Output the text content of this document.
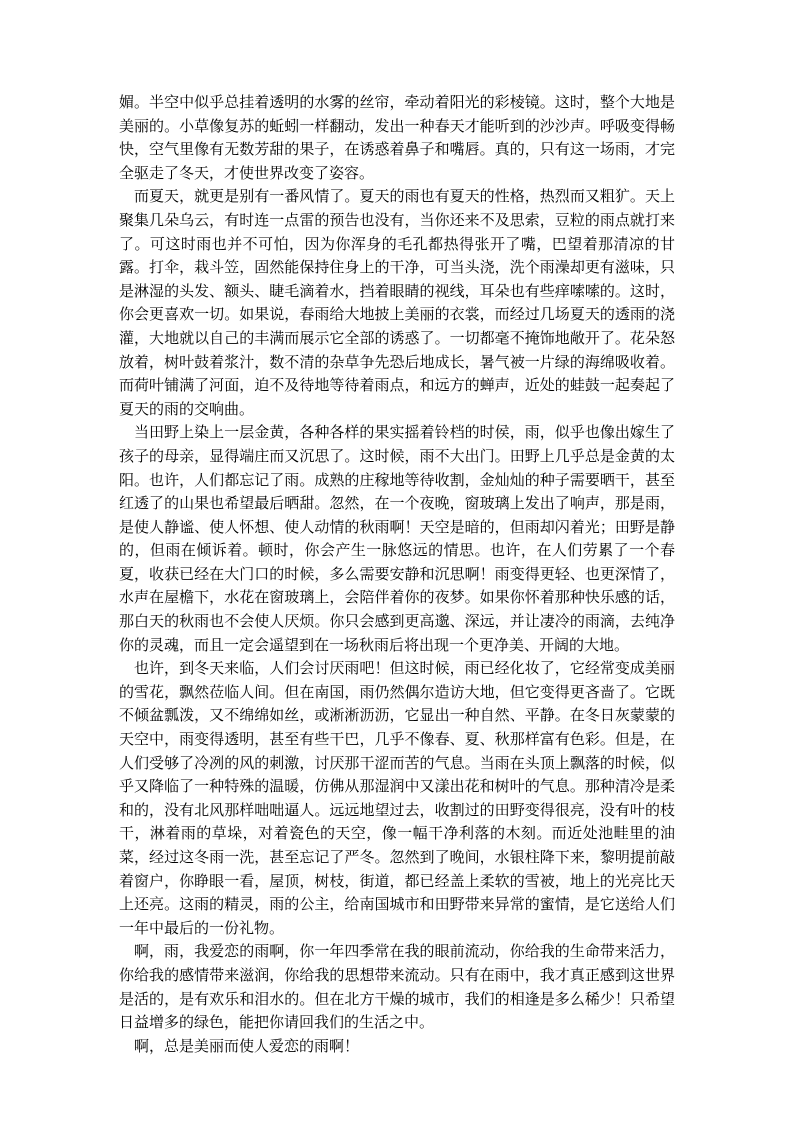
媚。半空中似乎总挂着透明的水雾的丝帘，牵动着阳光的彩棱镜。这时，整个大地是美丽的。小草像复苏的蚯蚓一样翻动，发出一种春天才能听到的沙沙声。呼吸变得畅快，空气里像有无数芳甜的果子，在诱惑着鼻子和嘴唇。真的，只有这一场雨，才完全驱走了冬天，才使世界改变了姿容。

而夏天，就更是别有一番风情了。夏天的雨也有夏天的性格，热烈而又粗犷。天上聚集几朵乌云，有时连一点雷的预告也没有，当你还来不及思索，豆粒的雨点就打来了。可这时雨也并不可怕，因为你浑身的毛孔都热得张开了嘴，巴望着那清凉的甘露。打伞，栽斗笠，固然能保持住身上的干净，可当头浇，洗个雨澡却更有滋味，只是淋湿的头发、额头、睫毛滴着水，挡着眼睛的视线，耳朵也有些痒嗦嗦的。这时，你会更喜欢一切。如果说，春雨给大地披上美丽的衣裳，而经过几场夏天的透雨的浇灌，大地就以自己的丰满而展示它全部的诱惑了。一切都毫不掩饰地敞开了。花朵怒放着，树叶鼓着浆汁，数不清的杂草争先恐后地成长，暑气被一片绿的海绵吸收着。而荷叶铺满了河面，迫不及待地等待着雨点，和远方的蝉声，近处的蛙鼓一起奏起了夏天的雨的交响曲。

当田野上染上一层金黄，各种各样的果实摇着铃档的时侯，雨，似乎也像出嫁生了孩子的母亲，显得端庄而又沉思了。这时候，雨不大出门。田野上几乎总是金黄的太阳。也许，人们都忘记了雨。成熟的庄稼地等待收割，金灿灿的种子需要晒干，甚至红透了的山果也希望最后晒甜。忽然，在一个夜晚，窗玻璃上发出了响声，那是雨，是使人静谧、使人怀想、使人动情的秋雨啊！天空是暗的，但雨却闪着光；田野是静的，但雨在倾诉着。顿时，你会产生一脉悠远的情思。也许，在人们劳累了一个春夏，收获已经在大门口的时候，多么需要安静和沉思啊！雨变得更轻、也更深情了，水声在屋檐下，水花在窗玻璃上，会陪伴着你的夜梦。如果你怀着那种快乐感的话，那白天的秋雨也不会使人厌烦。你只会感到更高邈、深远，并让凄冷的雨滴，去纯净你的灵魂，而且一定会遥望到在一场秋雨后将出现一个更净美、开阔的大地。

也许，到冬天来临，人们会讨厌雨吧！但这时候，雨已经化妆了，它经常变成美丽的雪花，飘然莅临人间。但在南国，雨仍然偶尔造访大地，但它变得更吝啬了。它既不倾盆瓢泼，又不绵绵如丝，或淅淅沥沥，它显出一种自然、平静。在冬日灰蒙蒙的天空中，雨变得透明，甚至有些干巴，几乎不像春、夏、秋那样富有色彩。但是，在人们受够了冷冽的风的刺激，讨厌那干涩而苦的气息。当雨在头顶上飘落的时候，似乎又降临了一种特殊的温暖，仿佛从那湿润中又漾出花和树叶的气息。那种清冷是柔和的，没有北风那样咄咄逼人。远远地望过去，收割过的田野变得很亮，没有叶的枝干，淋着雨的草垛，对着瓷色的天空，像一幅干净利落的木刻。而近处池畦里的油菜，经过这冬雨一洗，甚至忘记了严冬。忽然到了晚间，水银柱降下来，黎明提前敲着窗户，你睁眼一看，屋顶，树枝，街道，都已经盖上柔软的雪被，地上的光亮比天上还亮。这雨的精灵，雨的公主，给南国城市和田野带来异常的蜜情，是它送给人们一年中最后的一份礼物。

啊，雨，我爱恋的雨啊，你一年四季常在我的眼前流动，你给我的生命带来活力，你给我的感情带来滋润，你给我的思想带来流动。只有在雨中，我才真正感到这世界是活的，是有欢乐和泪水的。但在北方干燥的城市，我们的相逢是多么稀少！只希望日益增多的绿色，能把你请回我们的生活之中。

啊，总是美丽而使人爱恋的雨啊！
